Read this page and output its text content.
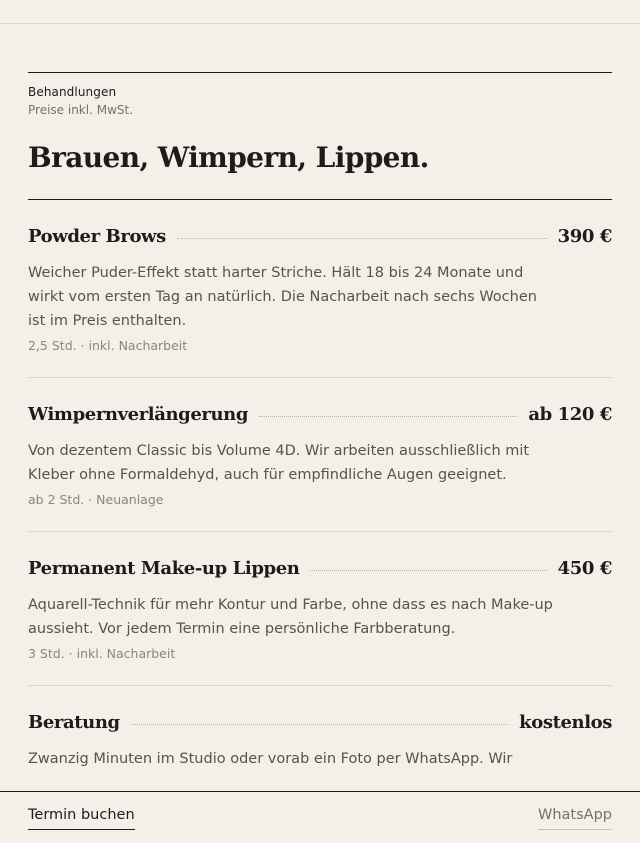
Behandlungen
Preise inkl. MwSt.
Brauen, Wimpern, Lippen.
Powder Brows	390 €

Weicher Puder-Effekt statt harter Striche. Hält 18 bis 24 Monate und wirkt vom ersten Tag an natürlich. Die Nacharbeit nach sechs Wochen ist im Preis enthalten.

2,5 Std. · inkl. Nacharbeit
Wimpernverlängerung	ab 120 €

Von dezentem Classic bis Volume 4D. Wir arbeiten ausschließlich mit Kleber ohne Formaldehyd, auch für empfindliche Augen geeignet.

ab 2 Std. · Neuanlage
Permanent Make-up Lippen	450 €

Aquarell-Technik für mehr Kontur und Farbe, ohne dass es nach Make-up aussieht. Vor jedem Termin eine persönliche Farbberatung.

3 Std. · inkl. Nacharbeit
Beratung	kostenlos

Zwanzig Minuten im Studio oder vorab ein Foto per WhatsApp. Wir

Termin buchen	WhatsApp
